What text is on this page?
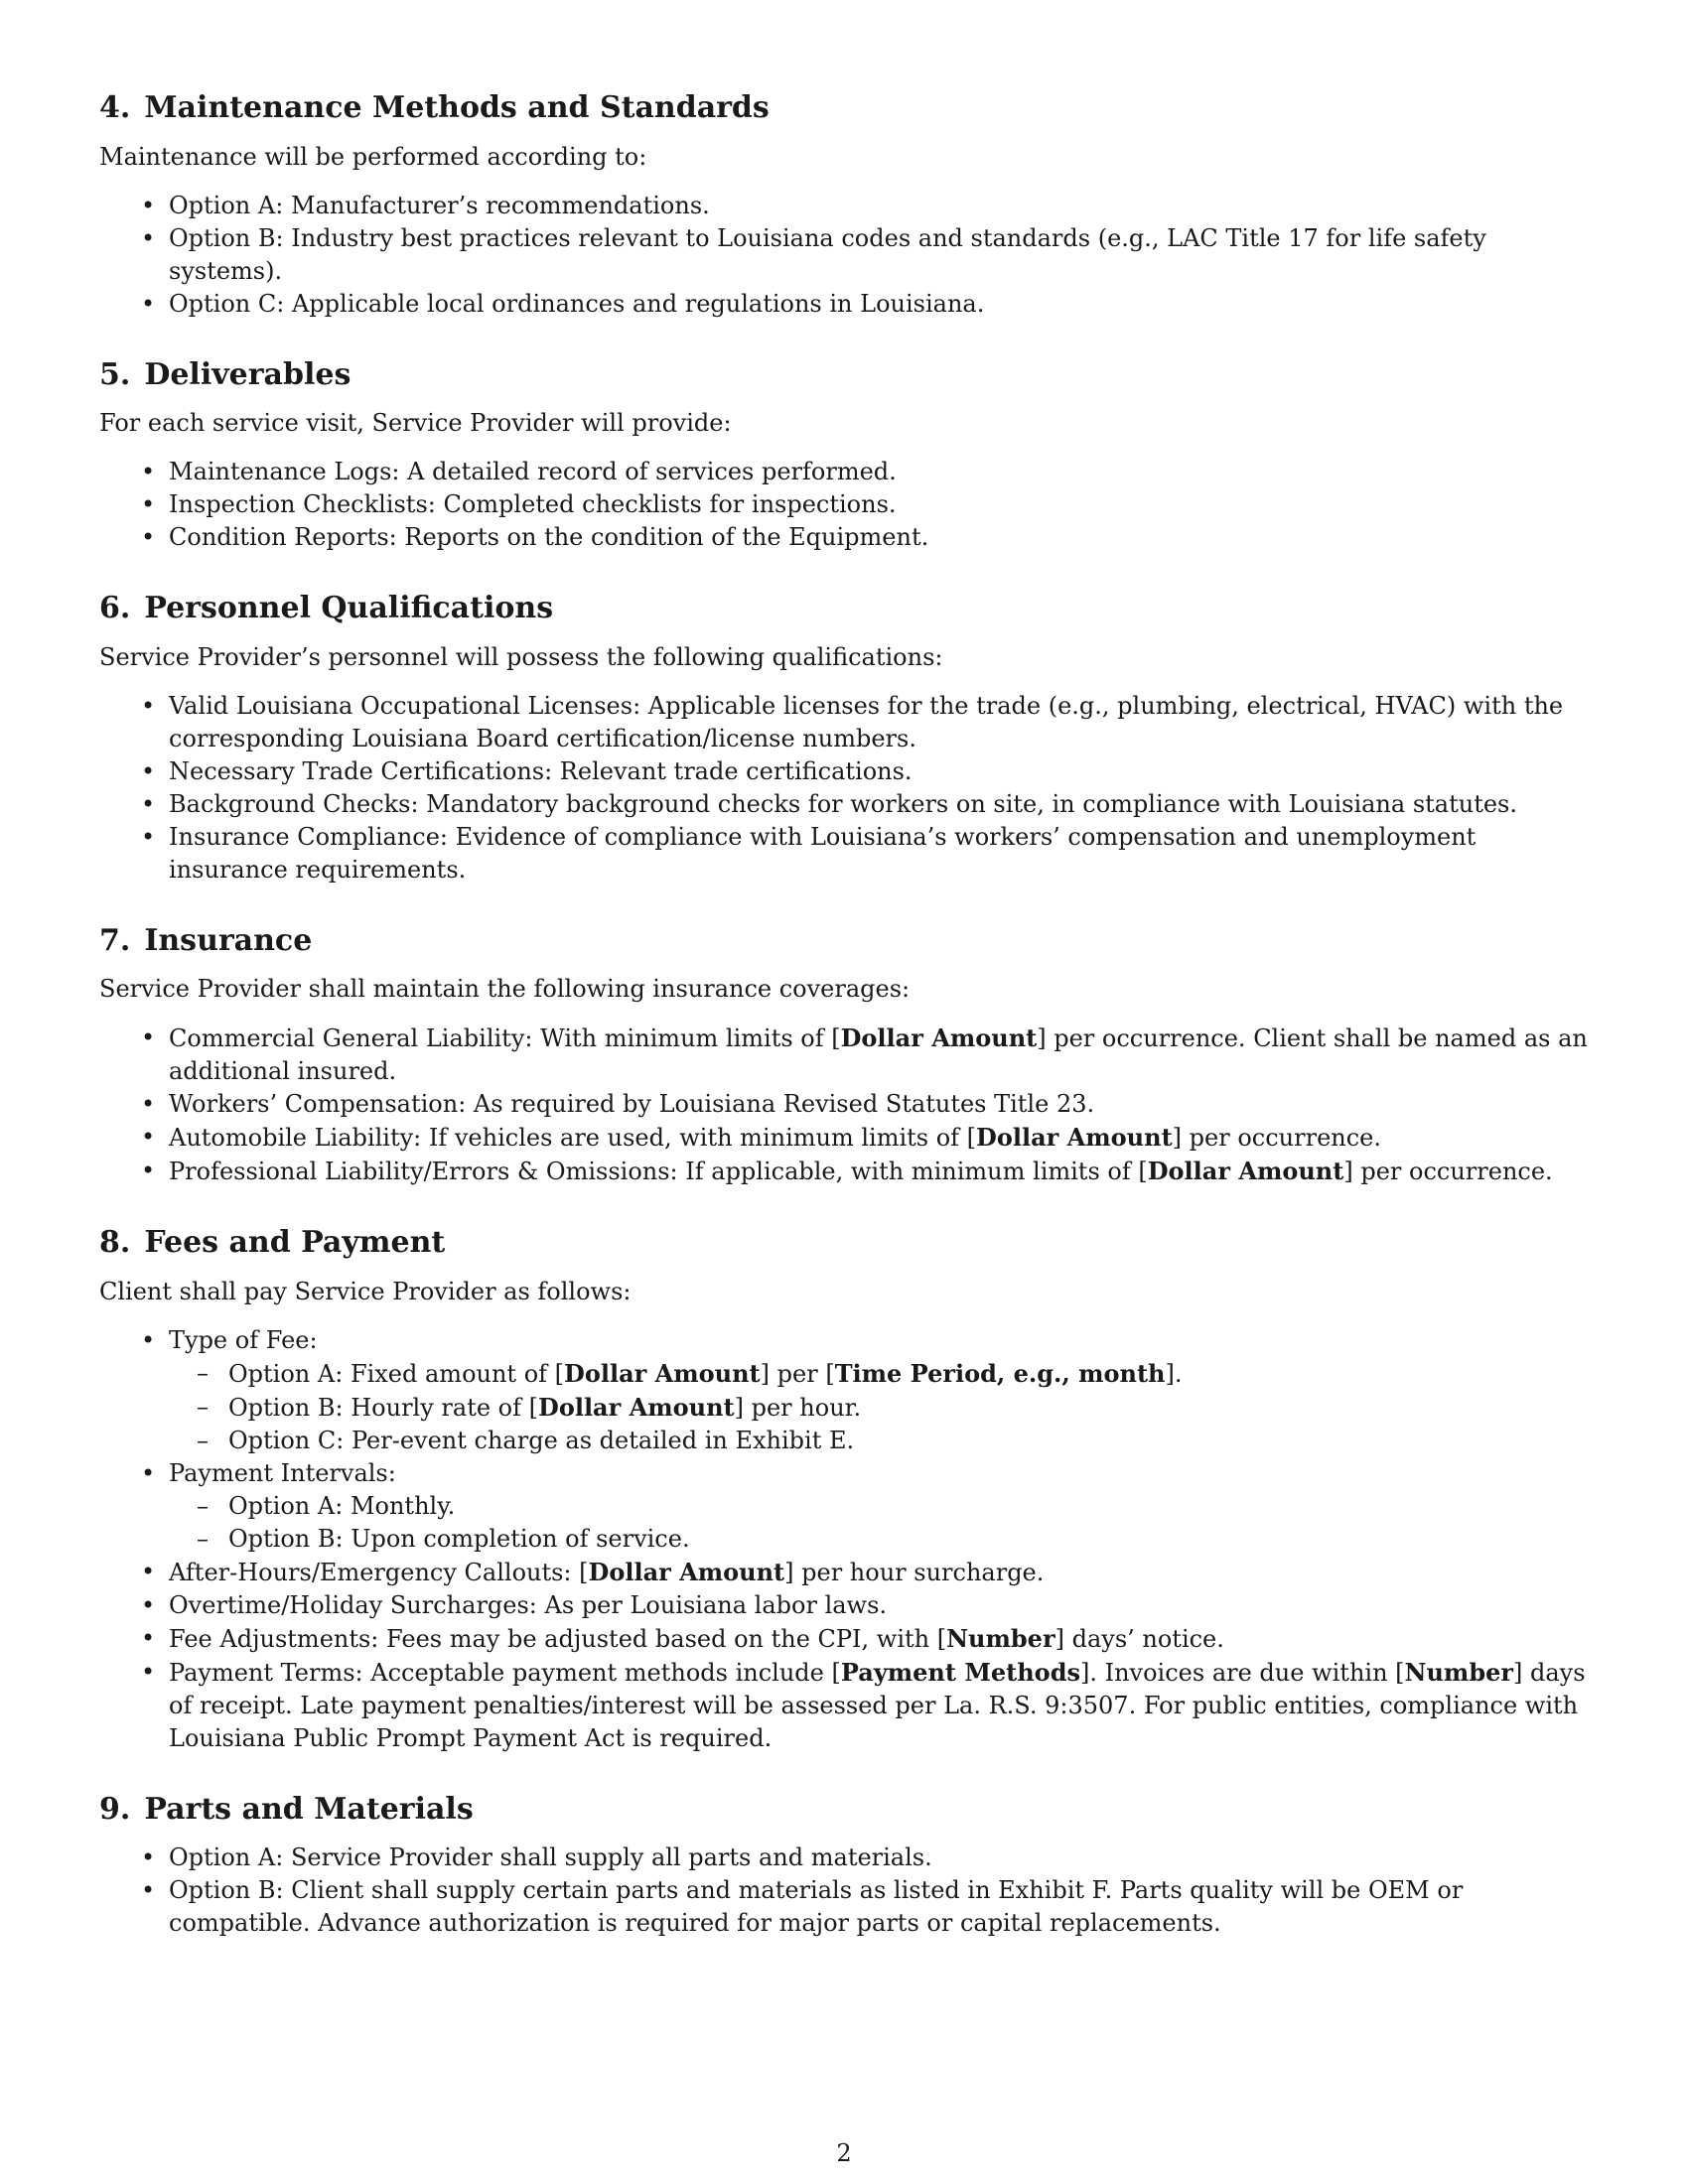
4. Maintenance Methods and Standards

Maintenance will be performed according to:

• Option A: Manufacturer’s recommendations.
• Option B: Industry best practices relevant to Louisiana codes and standards (e.g., LAC Title 17 for life safety systems).
• Option C: Applicable local ordinances and regulations in Louisiana.
5. Deliverables

For each service visit, Service Provider will provide:

• Maintenance Logs: A detailed record of services performed.
• Inspection Checklists: Completed checklists for inspections.
• Condition Reports: Reports on the condition of the Equipment.
6. Personnel Qualifications

Service Provider’s personnel will possess the following qualifications:

• Valid Louisiana Occupational Licenses: Applicable licenses for the trade (e.g., plumbing, electrical, HVAC) with the corresponding Louisiana Board certification/license numbers.
• Necessary Trade Certifications: Relevant trade certifications.
• Background Checks: Mandatory background checks for workers on site, in compliance with Louisiana statutes.
• Insurance Compliance: Evidence of compliance with Louisiana’s workers’ compensation and unemployment insurance requirements.
7. Insurance

Service Provider shall maintain the following insurance coverages:

• Commercial General Liability: With minimum limits of [Dollar Amount] per occurrence. Client shall be named as an additional insured.
• Workers’ Compensation: As required by Louisiana Revised Statutes Title 23.
• Automobile Liability: If vehicles are used, with minimum limits of [Dollar Amount] per occurrence.
• Professional Liability/Errors & Omissions: If applicable, with minimum limits of [Dollar Amount] per occurrence.
8. Fees and Payment

Client shall pay Service Provider as follows:

• Type of Fee:
– Option A: Fixed amount of [Dollar Amount] per [Time Period, e.g., month].
– Option B: Hourly rate of [Dollar Amount] per hour.
– Option C: Per-event charge as detailed in Exhibit E.
• Payment Intervals:
– Option A: Monthly.
– Option B: Upon completion of service.
• After-Hours/Emergency Callouts: [Dollar Amount] per hour surcharge.
• Overtime/Holiday Surcharges: As per Louisiana labor laws.
• Fee Adjustments: Fees may be adjusted based on the CPI, with [Number] days’ notice.
• Payment Terms: Acceptable payment methods include [Payment Methods]. Invoices are due within [Number] days of receipt. Late payment penalties/interest will be assessed per La. R.S. 9:3507. For public entities, compliance with Louisiana Public Prompt Payment Act is required.
9. Parts and Materials
• Option A: Service Provider shall supply all parts and materials.
• Option B: Client shall supply certain parts and materials as listed in Exhibit F. Parts quality will be OEM or compatible. Advance authorization is required for major parts or capital replacements.
2
